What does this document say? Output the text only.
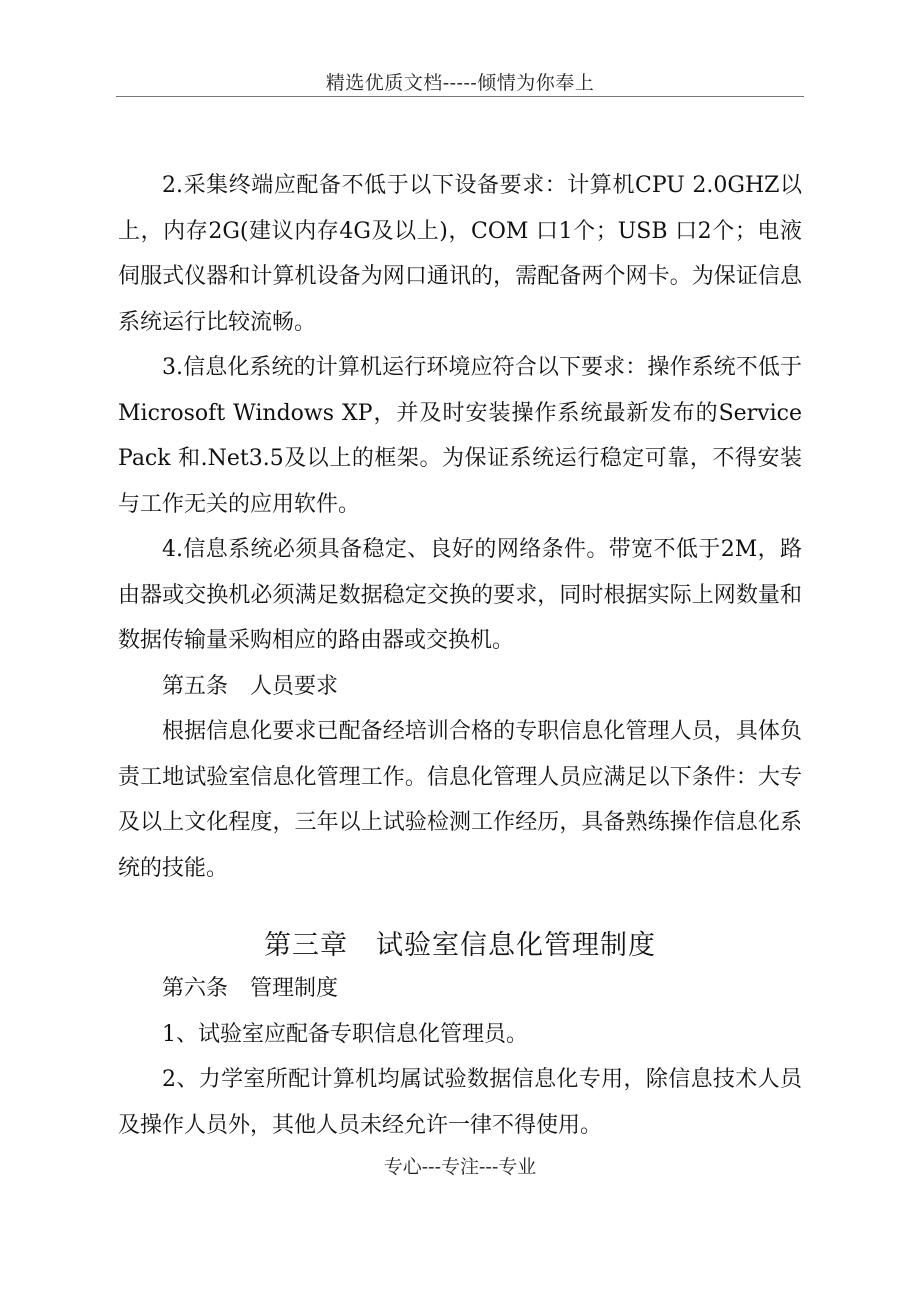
精选优质文档-----倾情为你奉上

2.采集终端应配备不低于以下设备要求：计算机CPU 2.0GHZ以上，内存2G(建议内存4G及以上)，COM 口1个；USB 口2个；电液伺服式仪器和计算机设备为网口通讯的，需配备两个网卡。为保证信息系统运行比较流畅。

3.信息化系统的计算机运行环境应符合以下要求：操作系统不低于Microsoft Windows XP，并及时安装操作系统最新发布的Service Pack 和.Net3.5及以上的框架。为保证系统运行稳定可靠，不得安装与工作无关的应用软件。

4.信息系统必须具备稳定、良好的网络条件。带宽不低于2M，路由器或交换机必须满足数据稳定交换的要求，同时根据实际上网数量和数据传输量采购相应的路由器或交换机。

第五条　人员要求

根据信息化要求已配备经培训合格的专职信息化管理人员，具体负责工地试验室信息化管理工作。信息化管理人员应满足以下条件：大专及以上文化程度，三年以上试验检测工作经历，具备熟练操作信息化系统的技能。

第三章　试验室信息化管理制度

第六条　管理制度

1、试验室应配备专职信息化管理员。

2、力学室所配计算机均属试验数据信息化专用，除信息技术人员及操作人员外，其他人员未经允许一律不得使用。

专心---专注---专业
